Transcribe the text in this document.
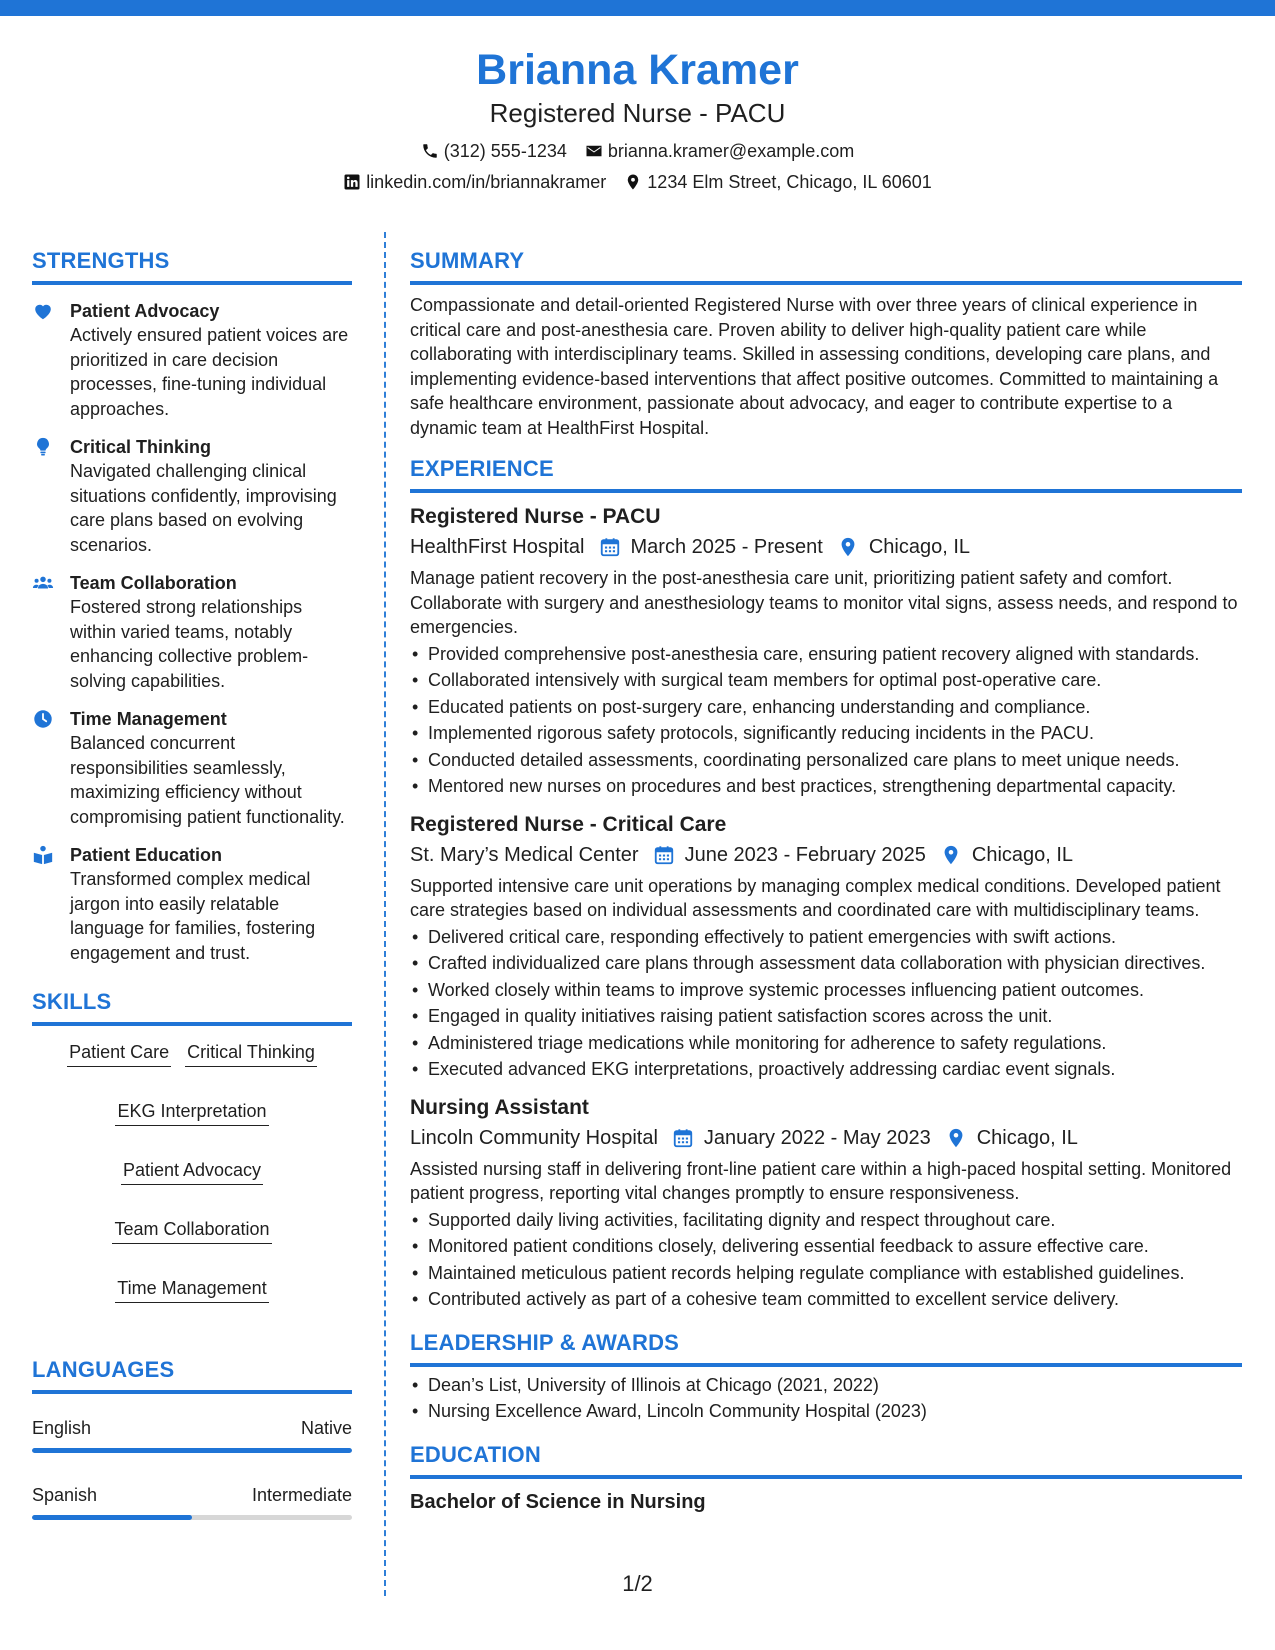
Brianna Kramer
Registered Nurse - PACU
(312) 555-1234 brianna.kramer@example.com
linkedin.com/in/briannakramer 1234 Elm Street, Chicago, IL 60601
STRENGTHS
Patient Advocacy
Actively ensured patient voices are prioritized in care decision processes, fine-tuning individual approaches.
Critical Thinking
Navigated challenging clinical situations confidently, improvising care plans based on evolving scenarios.
Team Collaboration
Fostered strong relationships within varied teams, notably enhancing collective problem-solving capabilities.
Time Management
Balanced concurrent responsibilities seamlessly, maximizing efficiency without compromising patient functionality.
Patient Education
Transformed complex medical jargon into easily relatable language for families, fostering engagement and trust.
SKILLS
Patient Care Critical Thinking
EKG Interpretation
Patient Advocacy
Team Collaboration
Time Management
LANGUAGES
English	Native
Spanish	Intermediate
SUMMARY

Compassionate and detail-oriented Registered Nurse with over three years of clinical experience in critical care and post-anesthesia care. Proven ability to deliver high-quality patient care while collaborating with interdisciplinary teams. Skilled in assessing conditions, developing care plans, and implementing evidence-based interventions that affect positive outcomes. Committed to maintaining a safe healthcare environment, passionate about advocacy, and eager to contribute expertise to a dynamic team at HealthFirst Hospital.

EXPERIENCE
Registered Nurse - PACU
HealthFirst Hospital March 2025 - Present Chicago, IL

Manage patient recovery in the post-anesthesia care unit, prioritizing patient safety and comfort. Collaborate with surgery and anesthesiology teams to monitor vital signs, assess needs, and respond to emergencies.

• Provided comprehensive post-anesthesia care, ensuring patient recovery aligned with standards.
• Collaborated intensively with surgical team members for optimal post-operative care.
• Educated patients on post-surgery care, enhancing understanding and compliance.
• Implemented rigorous safety protocols, significantly reducing incidents in the PACU.
• Conducted detailed assessments, coordinating personalized care plans to meet unique needs.
• Mentored new nurses on procedures and best practices, strengthening departmental capacity.
Registered Nurse - Critical Care
St. Mary’s Medical Center June 2023 - February 2025 Chicago, IL

Supported intensive care unit operations by managing complex medical conditions. Developed patient care strategies based on individual assessments and coordinated care with multidisciplinary teams.

• Delivered critical care, responding effectively to patient emergencies with swift actions.
• Crafted individualized care plans through assessment data collaboration with physician directives.
• Worked closely within teams to improve systemic processes influencing patient outcomes.
• Engaged in quality initiatives raising patient satisfaction scores across the unit.
• Administered triage medications while monitoring for adherence to safety regulations.
• Executed advanced EKG interpretations, proactively addressing cardiac event signals.
Nursing Assistant
Lincoln Community Hospital January 2022 - May 2023 Chicago, IL

Assisted nursing staff in delivering front-line patient care within a high-paced hospital setting. Monitored patient progress, reporting vital changes promptly to ensure responsiveness.

• Supported daily living activities, facilitating dignity and respect throughout care.
• Monitored patient conditions closely, delivering essential feedback to assure effective care.
• Maintained meticulous patient records helping regulate compliance with established guidelines.
• Contributed actively as part of a cohesive team committed to excellent service delivery.
LEADERSHIP & AWARDS
• Dean’s List, University of Illinois at Chicago (2021, 2022)
• Nursing Excellence Award, Lincoln Community Hospital (2023)
EDUCATION
Bachelor of Science in Nursing
1/2
